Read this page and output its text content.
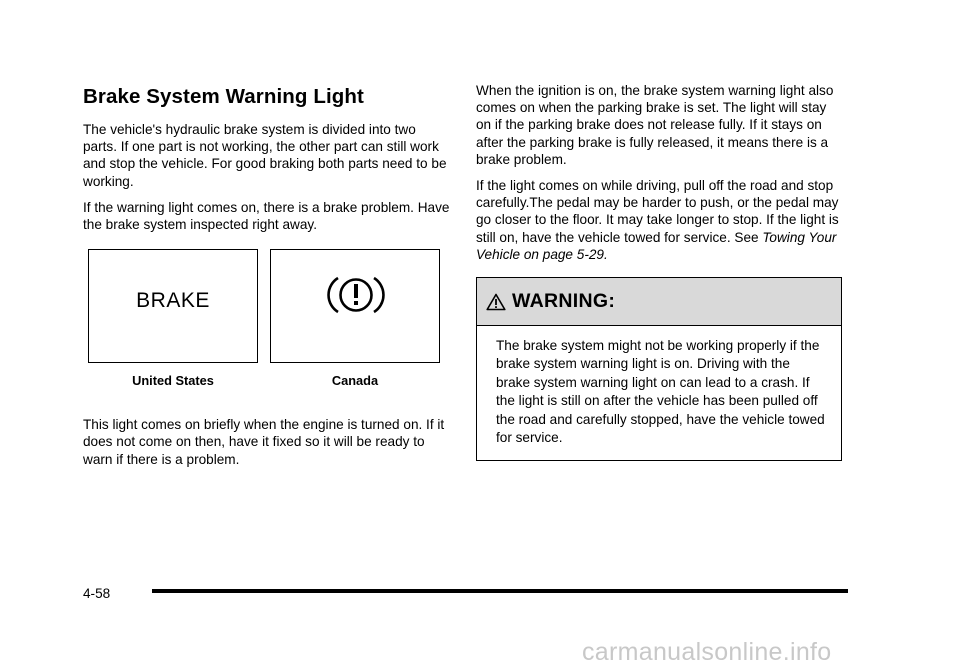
Brake System Warning Light

The vehicle's hydraulic brake system is divided into two parts. If one part is not working, the other part can still work and stop the vehicle. For good braking both parts need to be working.

If the warning light comes on, there is a brake problem. Have the brake system inspected right away.

BRAKE
United States	Canada

This light comes on briefly when the engine is turned on. If it does not come on then, have it fixed so it will be ready to warn if there is a problem.

When the ignition is on, the brake system warning light also comes on when the parking brake is set. The light will stay on if the parking brake does not release fully. If it stays on after the parking brake is fully released, it means there is a brake problem.

If the light comes on while driving, pull off the road and stop carefully.The pedal may be harder to push, or the pedal may go closer to the floor. It may take longer to stop. If the light is still on, have the vehicle towed for service. See Towing Your Vehicle on page 5-29.

WARNING:
The brake system might not be working properly if the brake system warning light is on. Driving with the brake system warning light on can lead to a crash. If the light is still on after the vehicle has been pulled off the road and carefully stopped, have the vehicle towed for service.
4-58
carmanualsonline.info
